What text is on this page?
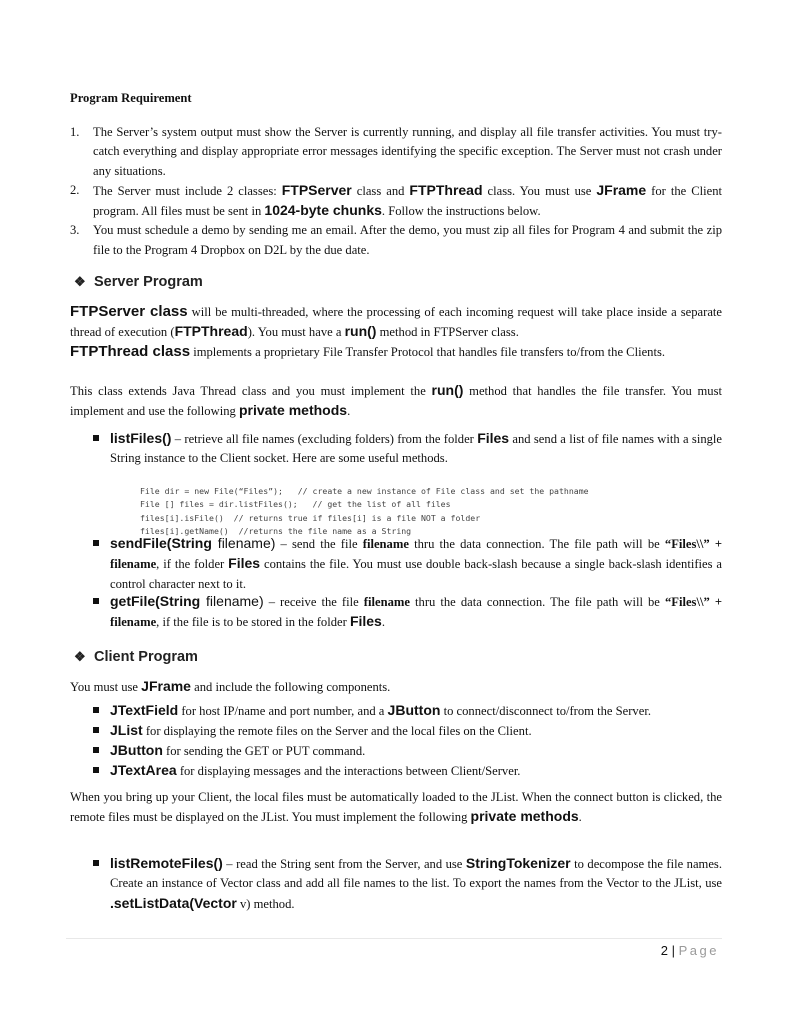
Program Requirement
1. The Server’s system output must show the Server is currently running, and display all file transfer activities. You must try-catch everything and display appropriate error messages identifying the specific exception. The Server must not crash under any situations.
2. The Server must include 2 classes: FTPServer class and FTPThread class. You must use JFrame for the Client program. All files must be sent in 1024-byte chunks. Follow the instructions below.
3. You must schedule a demo by sending me an email. After the demo, you must zip all files for Program 4 and submit the zip file to the Program 4 Dropbox on D2L by the due date.
❖ Server Program
FTPServer class will be multi-threaded, where the processing of each incoming request will take place inside a separate thread of execution (FTPThread). You must have a run() method in FTPServer class.
FTPThread class implements a proprietary File Transfer Protocol that handles file transfers to/from the Clients.
This class extends Java Thread class and you must implement the run() method that handles the file transfer. You must implement and use the following private methods.
listFiles() – retrieve all file names (excluding folders) from the folder Files and send a list of file names with a single String instance to the Client socket. Here are some useful methods.

File dir = new File(“Files”);   // create a new instance of File class and set the pathname
File [] files = dir.listFiles();   // get the list of all files
files[i].isFile()  // returns true if files[i] is a file NOT a folder
files[i].getName()  //returns the file name as a String

sendFile(String filename) – send the file filename thru the data connection. The file path will be “Files\\” + filename, if the folder Files contains the file. You must use double back-slash because a single back-slash identifies a control character next to it.
getFile(String filename) – receive the file filename thru the data connection. The file path will be “Files\\” + filename, if the file is to be stored in the folder Files.
❖ Client Program
You must use JFrame and include the following components.
JTextField for host IP/name and port number, and a JButton to connect/disconnect to/from the Server.
JList for displaying the remote files on the Server and the local files on the Client.
JButton for sending the GET or PUT command.
JTextArea for displaying messages and the interactions between Client/Server.
When you bring up your Client, the local files must be automatically loaded to the JList. When the connect button is clicked, the remote files must be displayed on the JList. You must implement the following private methods.
listRemoteFiles() – read the String sent from the Server, and use StringTokenizer to decompose the file names. Create an instance of Vector class and add all file names to the list. To export the names from the Vector to the JList, use .setListData(Vector v) method.
2 | Page
